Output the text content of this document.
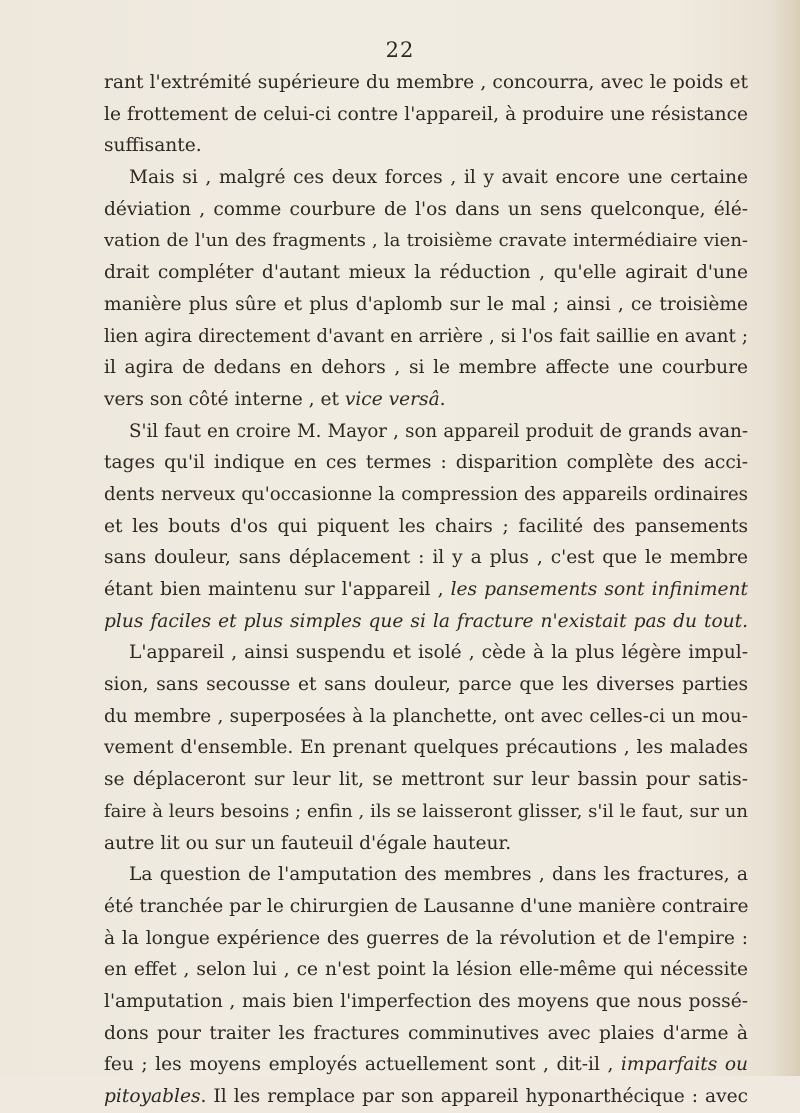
22
rant l'extrémité supérieure du membre , concourra, avec le poids et
le frottement de celui-ci contre l'appareil, à produire une résistance
suffisante.
Mais si , malgré ces deux forces , il y avait encore une certaine
déviation , comme courbure de l'os dans un sens quelconque, élé-
vation de l'un des fragments , la troisième cravate intermédiaire vien-
drait compléter d'autant mieux la réduction , qu'elle agirait d'une
manière plus sûre et plus d'aplomb sur le mal ; ainsi , ce troisième
lien agira directement d'avant en arrière , si l'os fait saillie en avant ;
il agira de dedans en dehors , si le membre affecte une courbure
vers son côté interne , et vice versâ.
S'il faut en croire M. Mayor , son appareil produit de grands avan-
tages qu'il indique en ces termes : disparition complète des acci-
dents nerveux qu'occasionne la compression des appareils ordinaires
et les bouts d'os qui piquent les chairs ; facilité des pansements
sans douleur, sans déplacement : il y a plus , c'est que le membre
étant bien maintenu sur l'appareil , les pansements sont infiniment
plus faciles et plus simples que si la fracture n'existait pas du tout.
L'appareil , ainsi suspendu et isolé , cède à la plus légère impul-
sion, sans secousse et sans douleur, parce que les diverses parties
du membre , superposées à la planchette, ont avec celles-ci un mou-
vement d'ensemble. En prenant quelques précautions , les malades
se déplaceront sur leur lit, se mettront sur leur bassin pour satis-
faire à leurs besoins ; enfin , ils se laisseront glisser, s'il le faut, sur un
autre lit ou sur un fauteuil d'égale hauteur.
La question de l'amputation des membres , dans les fractures, a
été tranchée par le chirurgien de Lausanne d'une manière contraire
à la longue expérience des guerres de la révolution et de l'empire :
en effet , selon lui , ce n'est point la lésion elle-même qui nécessite
l'amputation , mais bien l'imperfection des moyens que nous possé-
dons pour traiter les fractures comminutives avec plaies d'arme à
feu ; les moyens employés actuellement sont , dit-il , imparfaits ou
pitoyables. Il les remplace par son appareil hyponarthécique : avec
